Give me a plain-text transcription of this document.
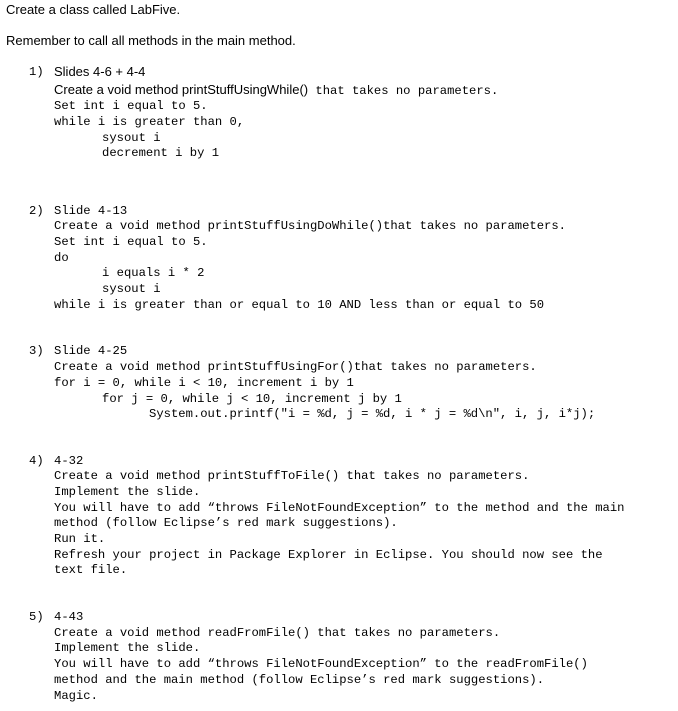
Create a class called LabFive.
Remember to call all methods in the main method.
1) Slides 4-6 + 4-4
Create a void method printStuffUsingWhile() that takes no parameters.
Set int i equal to 5.
while i is greater than 0,
sysout i
decrement i by 1
2) Slide 4-13
Create a void method printStuffUsingDoWhile()that takes no parameters.
Set int i equal to 5.
do
i equals i * 2
sysout i
while i is greater than or equal to 10 AND less than or equal to 50
3) Slide 4-25
Create a void method printStuffUsingFor()that takes no parameters.
for i = 0, while i < 10, increment i by 1
for j = 0, while j < 10, increment j by 1
System.out.printf("i = %d, j = %d, i * j = %d\n", i, j, i*j);
4) 4-32
Create a void method printStuffToFile() that takes no parameters.
Implement the slide.
You will have to add “throws FileNotFoundException” to the method and the main
method (follow Eclipse’s red mark suggestions).
Run it.
Refresh your project in Package Explorer in Eclipse. You should now see the
text file.
5) 4-43
Create a void method readFromFile() that takes no parameters.
Implement the slide.
You will have to add “throws FileNotFoundException” to the readFromFile()
method and the main method (follow Eclipse’s red mark suggestions).
Magic.
